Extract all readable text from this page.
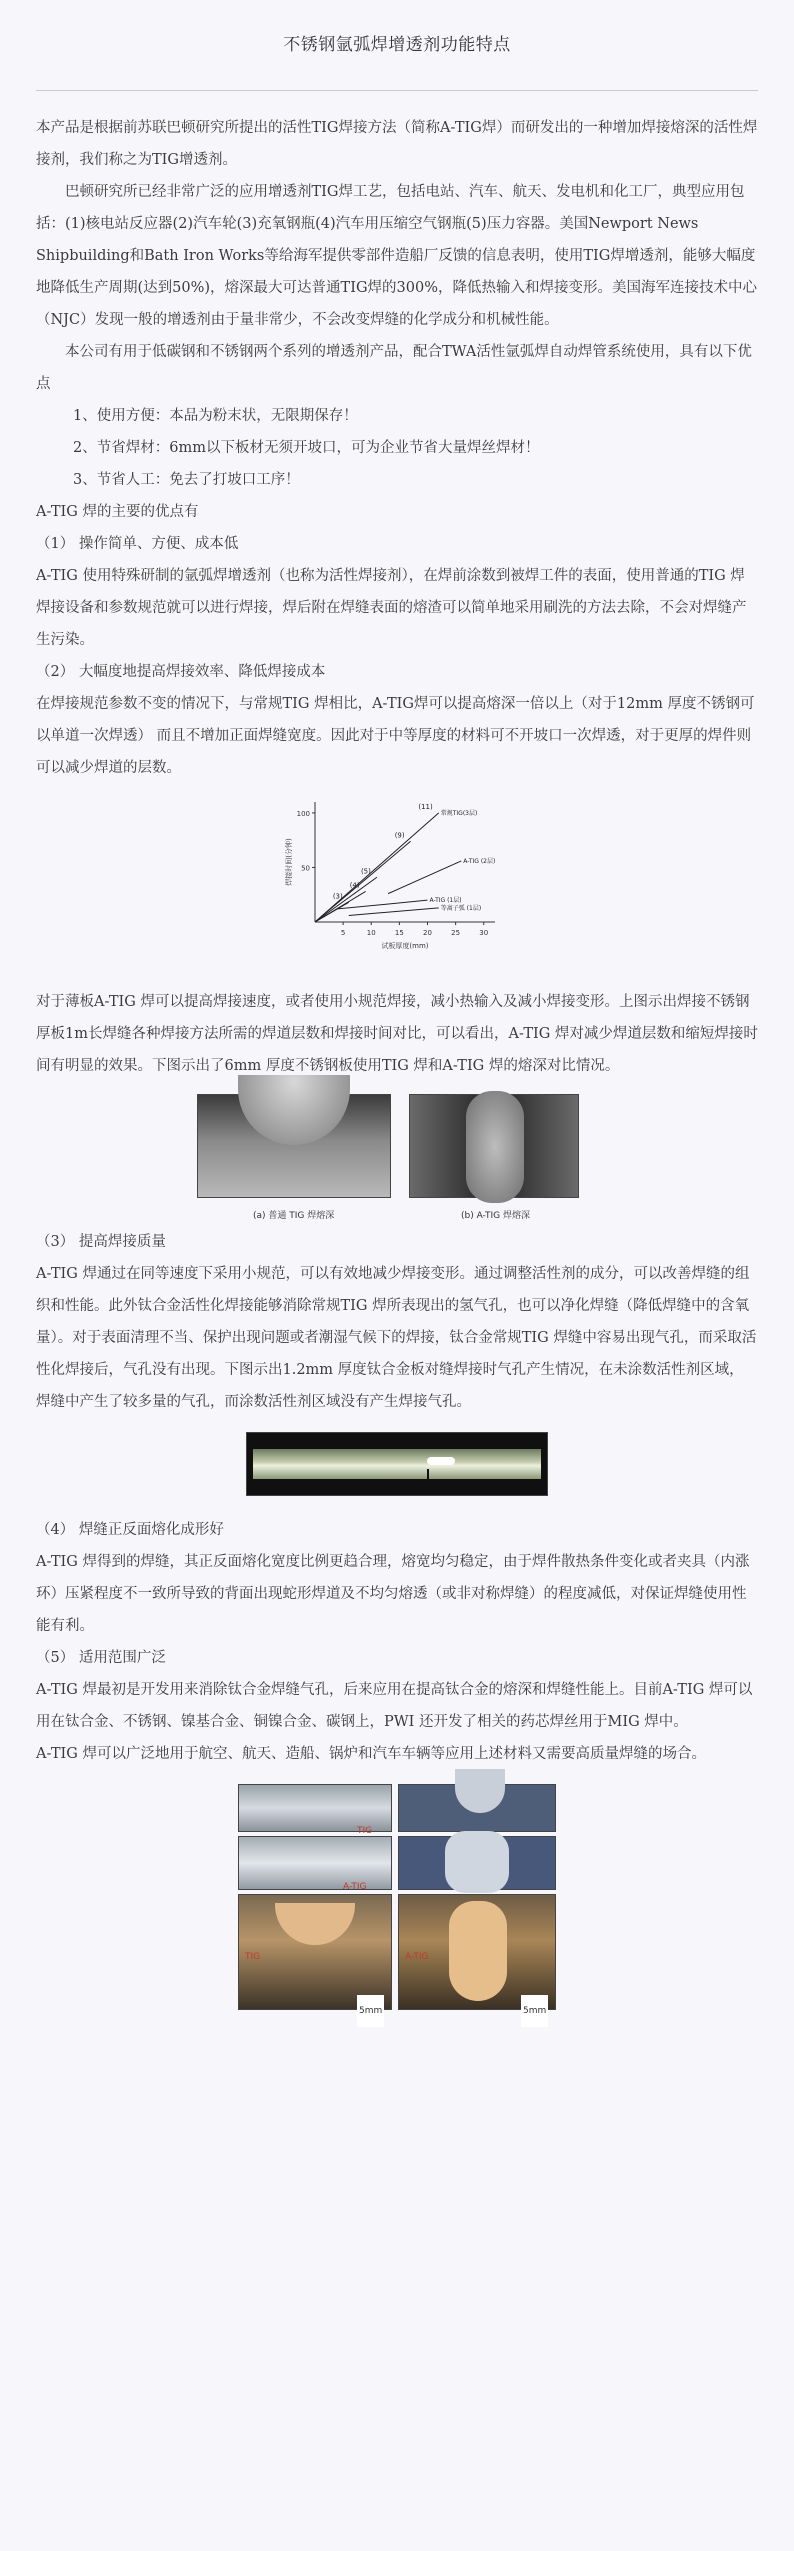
不锈钢氩弧焊增透剂功能特点

本产品是根据前苏联巴顿研究所提出的活性TIG焊接方法（简称A-TIG焊）而研发出的一种增加焊接熔深的活性焊接剂，我们称之为TIG增透剂。

巴顿研究所已经非常广泛的应用增透剂TIG焊工艺，包括电站、汽车、航天、发电机和化工厂，典型应用包括：(1)核电站反应器(2)汽车轮(3)充氧钢瓶(4)汽车用压缩空气钢瓶(5)压力容器。美国Newport News Shipbuilding和Bath Iron Works等给海军提供零部件造船厂反馈的信息表明，使用TIG焊增透剂，能够大幅度地降低生产周期(达到50%)，熔深最大可达普通TIG焊的300%，降低热输入和焊接变形。美国海军连接技术中心（NJC）发现一般的增透剂由于量非常少，不会改变焊缝的化学成分和机械性能。

本公司有用于低碳钢和不锈钢两个系列的增透剂产品，配合TWA活性氩弧焊自动焊管系统使用，具有以下优点

1、使用方便：本品为粉末状，无限期保存！

2、节省焊材：6mm以下板材无须开坡口，可为企业节省大量焊丝焊材！

3、节省人工：免去了打坡口工序！

A-TIG 焊的主要的优点有

（1） 操作简单、方便、成本低

A-TIG 使用特殊研制的氩弧焊增透剂（也称为活性焊接剂），在焊前涂数到被焊工件的表面，使用普通的TIG 焊焊接设备和参数规范就可以进行焊接，焊后附在焊缝表面的熔渣可以简单地采用刷洗的方法去除，不会对焊缝产生污染。

（2） 大幅度地提高焊接效率、降低焊接成本

在焊接规范参数不变的情况下，与常规TIG 焊相比，A-TIG焊可以提高熔深一倍以上（对于12mm 厚度不锈钢可以单道一次焊透） 而且不增加正面焊缝宽度。因此对于中等厚度的材料可不开坡口一次焊透，对于更厚的焊件则可以减少焊道的层数。

5	10	15	20	25	30
50
100
试板厚度(mm)
焊接时间(分钟)
(11)
常规TIG(3层)
A-TIG (2层)
A-TIG (1层)
等离子弧 (1层)
(9)
(5)
(4)
(3)

对于薄板A-TIG 焊可以提高焊接速度，或者使用小规范焊接，减小热输入及减小焊接变形。上图示出焊接不锈钢厚板1m长焊缝各种焊接方法所需的焊道层数和焊接时间对比，可以看出，A-TIG 焊对减少焊道层数和缩短焊接时间有明显的效果。下图示出了6mm 厚度不锈钢板使用TIG 焊和A-TIG 焊的熔深对比情况。

(a) 普通 TIG 焊熔深	(b) A-TIG 焊熔深

（3） 提高焊接质量

A-TIG 焊通过在同等速度下采用小规范，可以有效地减少焊接变形。通过调整活性剂的成分，可以改善焊缝的组织和性能。此外钛合金活性化焊接能够消除常规TIG 焊所表现出的氢气孔，也可以净化焊缝（降低焊缝中的含氧量）。对于表面清理不当、保护出现问题或者潮湿气候下的焊接，钛合金常规TIG 焊缝中容易出现气孔，而采取活性化焊接后，气孔没有出现。下图示出1.2mm 厚度钛合金板对缝焊接时气孔产生情况，在未涂数活性剂区域，焊缝中产生了较多量的气孔，而涂数活性剂区域没有产生焊接气孔。

（4） 焊缝正反面熔化成形好

A-TIG 焊得到的焊缝，其正反面熔化宽度比例更趋合理，熔宽均匀稳定，由于焊件散热条件变化或者夹具（内涨环）压紧程度不一致所导致的背面出现蛇形焊道及不均匀熔透（或非对称焊缝）的程度减低，对保证焊缝使用性能有利。

（5） 适用范围广泛

A-TIG 焊最初是开发用来消除钛合金焊缝气孔，后来应用在提高钛合金的熔深和焊缝性能上。目前A-TIG 焊可以用在钛合金、不锈钢、镍基合金、铜镍合金、碳钢上，PWI 还开发了相关的药芯焊丝用于MIG 焊中。

A-TIG 焊可以广泛地用于航空、航天、造船、锅炉和汽车车辆等应用上述材料又需要高质量焊缝的场合。

TIG
A-TIG
TIG
5mm
A-TIG
5mm
